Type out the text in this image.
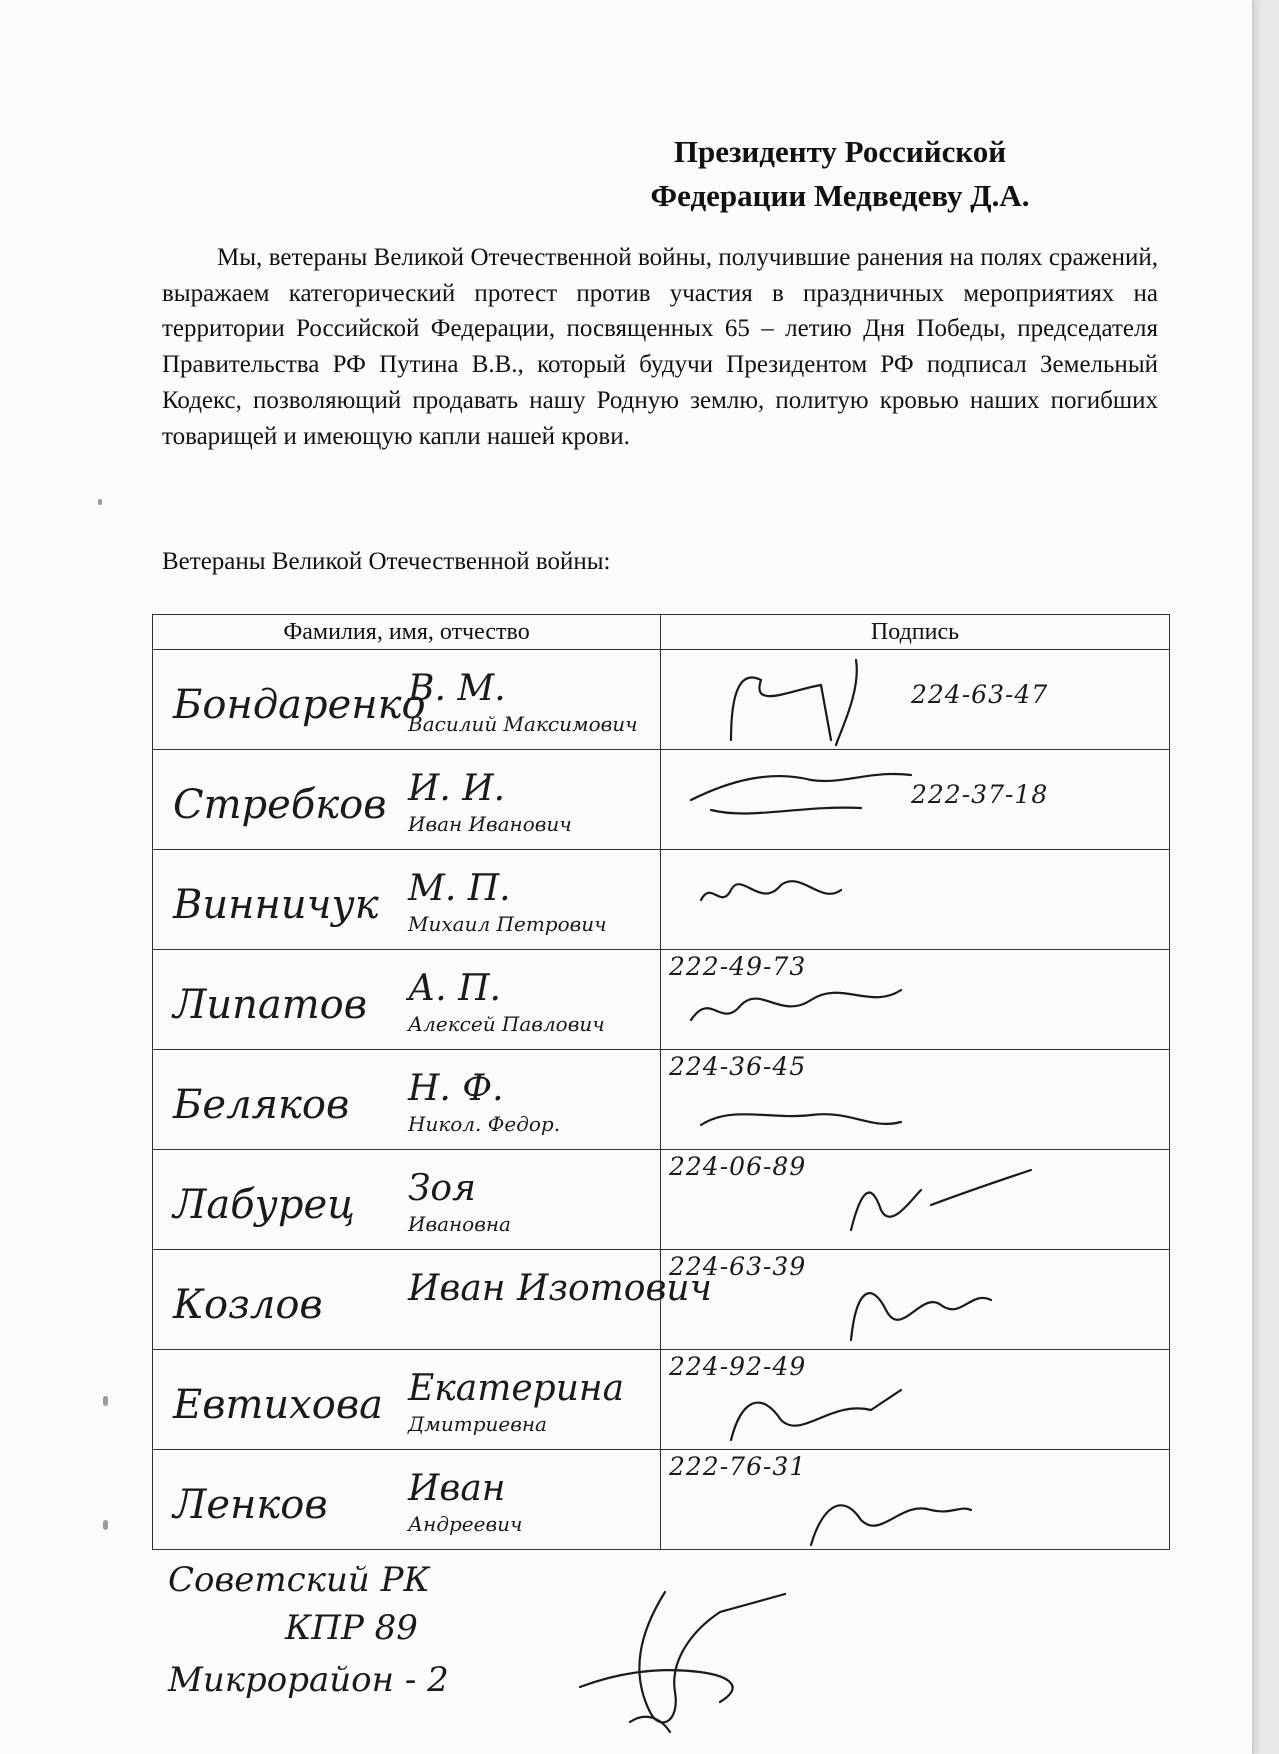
Президенту Российской
Федерации Медведеву Д.А.
Мы, ветераны Великой Отечественной войны, получившие ранения на полях сражений, выражаем категорический протест против участия в праздничных мероприятиях на территории Российской Федерации, посвященных 65 – летию Дня Победы, председателя Правительства РФ Путина В.В., который будучи Президентом РФ подписал Земельный Кодекс, позволяющий продавать нашу Родную землю, политую кровью наших погибших товарищей и имеющую капли нашей крови.
Ветераны Великой Отечественной войны:
Фамилия, имя, отчество	Подпись

Бондаренко
В. М.
Василий Максимович	224-63-47

Стребков И. И.
Иван Иванович	222-37-18

Винничук М. П.
Михаил Петрович

Липатов А. П.
Алексей Павлович	222-49-73

Беляков Н. Ф.
Никол. Федор.	224-36-45

Лабурец Зоя
Ивановна	224-06-89

Козлов Иван Изотович	224-63-39

Евтихова Екатерина
Дмитриевна	224-92-49

Ленков Иван
Андреевич	222-76-31
Советский РК
КПР 89
Микрорайон - 2
